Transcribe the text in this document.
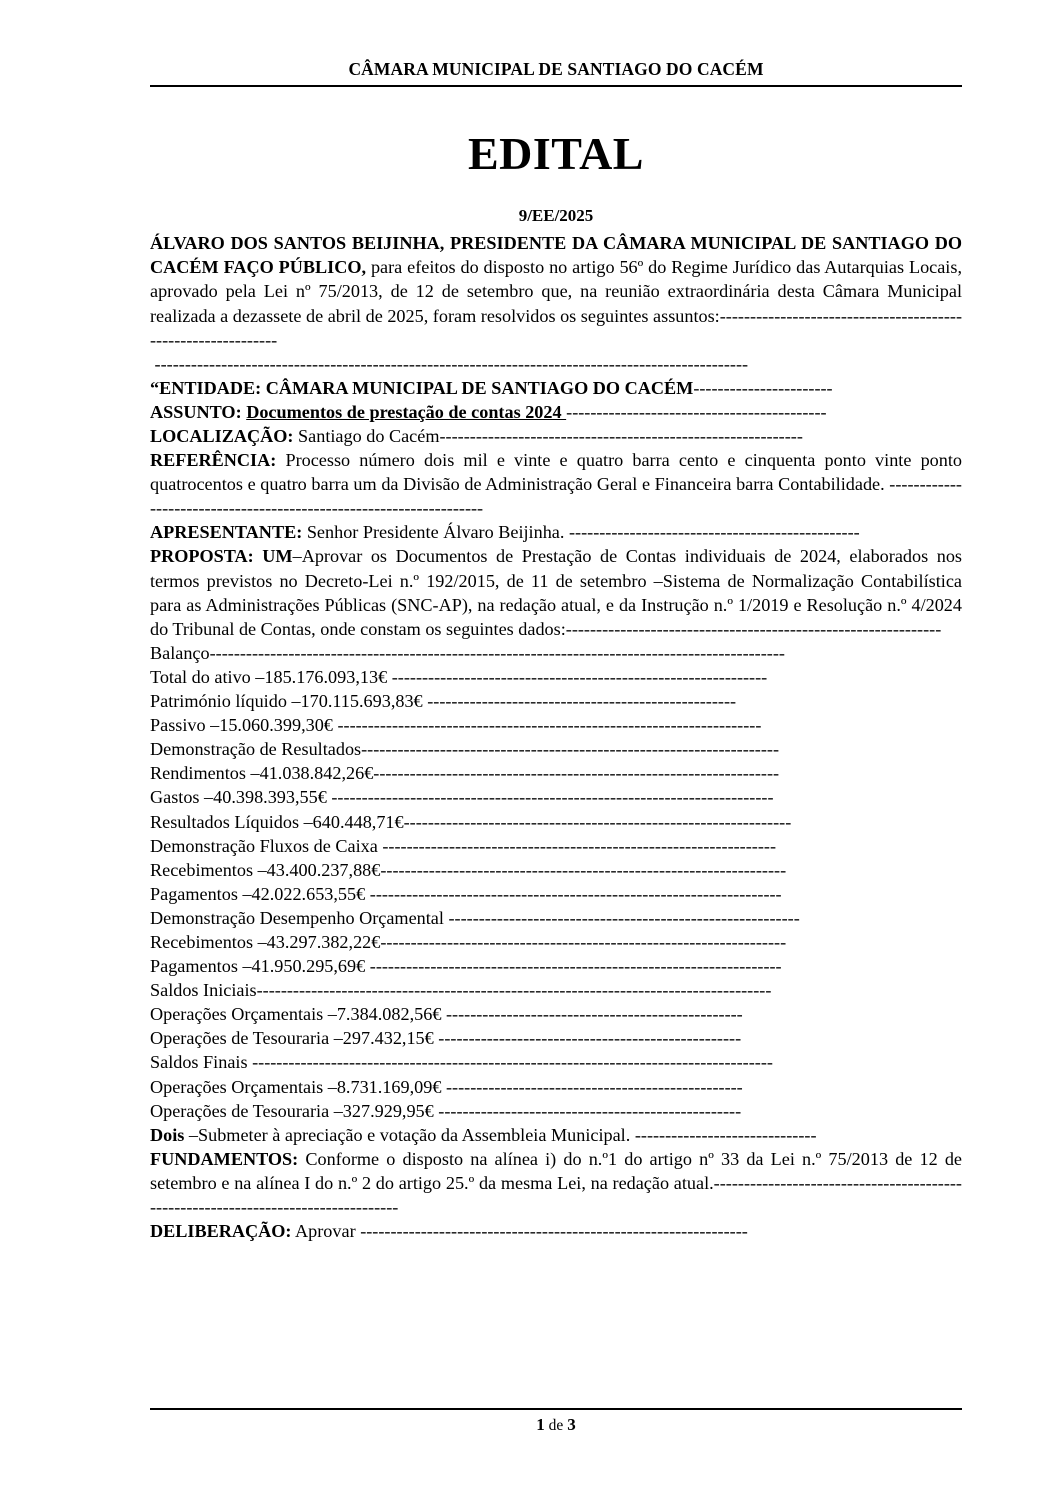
CÂMARA MUNICIPAL DE SANTIAGO DO CACÉM
EDITAL
9/EE/2025

ÁLVARO DOS SANTOS BEIJINHA, PRESIDENTE DA CÂMARA MUNICIPAL DE SANTIAGO DO CACÉM FAÇO PÚBLICO, para efeitos do disposto no artigo 56º do Regime Jurídico das Autarquias Locais, aprovado pela Lei nº 75/2013, de 12 de setembro que, na reunião extraordinária desta Câmara Municipal realizada a dezassete de abril de 2025, foram resolvidos os seguintes assuntos:-------------------------------------------------------------

--------------------------------------------------------------------------------------------------
“ENTIDADE: CÂMARA MUNICIPAL DE SANTIAGO DO CACÉM-----------------------
ASSUNTO: Documentos de prestação de contas 2024 -------------------------------------------
LOCALIZAÇÃO: Santiago do Cacém------------------------------------------------------------

REFERÊNCIA: Processo número dois mil e vinte e quatro barra cento e cinquenta ponto vinte ponto quatrocentos e quatro barra um da Divisão de Administração Geral e Financeira barra Contabilidade. -------------------------------------------------------------------

APRESENTANTE: Senhor Presidente Álvaro Beijinha. ------------------------------------------------

PROPOSTA: UM–Aprovar os Documentos de Prestação de Contas individuais de 2024, elaborados nos termos previstos no Decreto-Lei n.º 192/2015, de 11 de setembro –Sistema de Normalização Contabilística para as Administrações Públicas (SNC-AP), na redação atual, e da Instrução n.º 1/2019 e Resolução n.º 4/2024 do Tribunal de Contas, onde constam os seguintes dados:--------------------------------------------------------------

Balanço-----------------------------------------------------------------------------------------------
Total do ativo –185.176.093,13€ --------------------------------------------------------------
Património líquido –170.115.693,83€ ---------------------------------------------------
Passivo –15.060.399,30€ ----------------------------------------------------------------------
Demonstração de Resultados---------------------------------------------------------------------
Rendimentos –41.038.842,26€-------------------------------------------------------------------
Gastos –40.398.393,55€ -------------------------------------------------------------------------
Resultados Líquidos –640.448,71€----------------------------------------------------------------
Demonstração Fluxos de Caixa -----------------------------------------------------------------
Recebimentos –43.400.237,88€-------------------------------------------------------------------
Pagamentos –42.022.653,55€ --------------------------------------------------------------------
Demonstração Desempenho Orçamental ----------------------------------------------------------
Recebimentos –43.297.382,22€-------------------------------------------------------------------
Pagamentos –41.950.295,69€ --------------------------------------------------------------------
Saldos Iniciais-------------------------------------------------------------------------------------
Operações Orçamentais –7.384.082,56€ -------------------------------------------------
Operações de Tesouraria –297.432,15€ --------------------------------------------------
Saldos Finais --------------------------------------------------------------------------------------
Operações Orçamentais –8.731.169,09€ -------------------------------------------------
Operações de Tesouraria –327.929,95€ --------------------------------------------------
Dois –Submeter à apreciação e votação da Assembleia Municipal. ------------------------------

FUNDAMENTOS: Conforme o disposto na alínea i) do n.º1 do artigo nº 33 da Lei n.º 75/2013 de 12 de setembro e na alínea I do n.º 2 do artigo 25.º da mesma Lei, na redação atual.----------------------------------------------------------------------------------

DELIBERAÇÃO: Aprovar ----------------------------------------------------------------
1 de 3
